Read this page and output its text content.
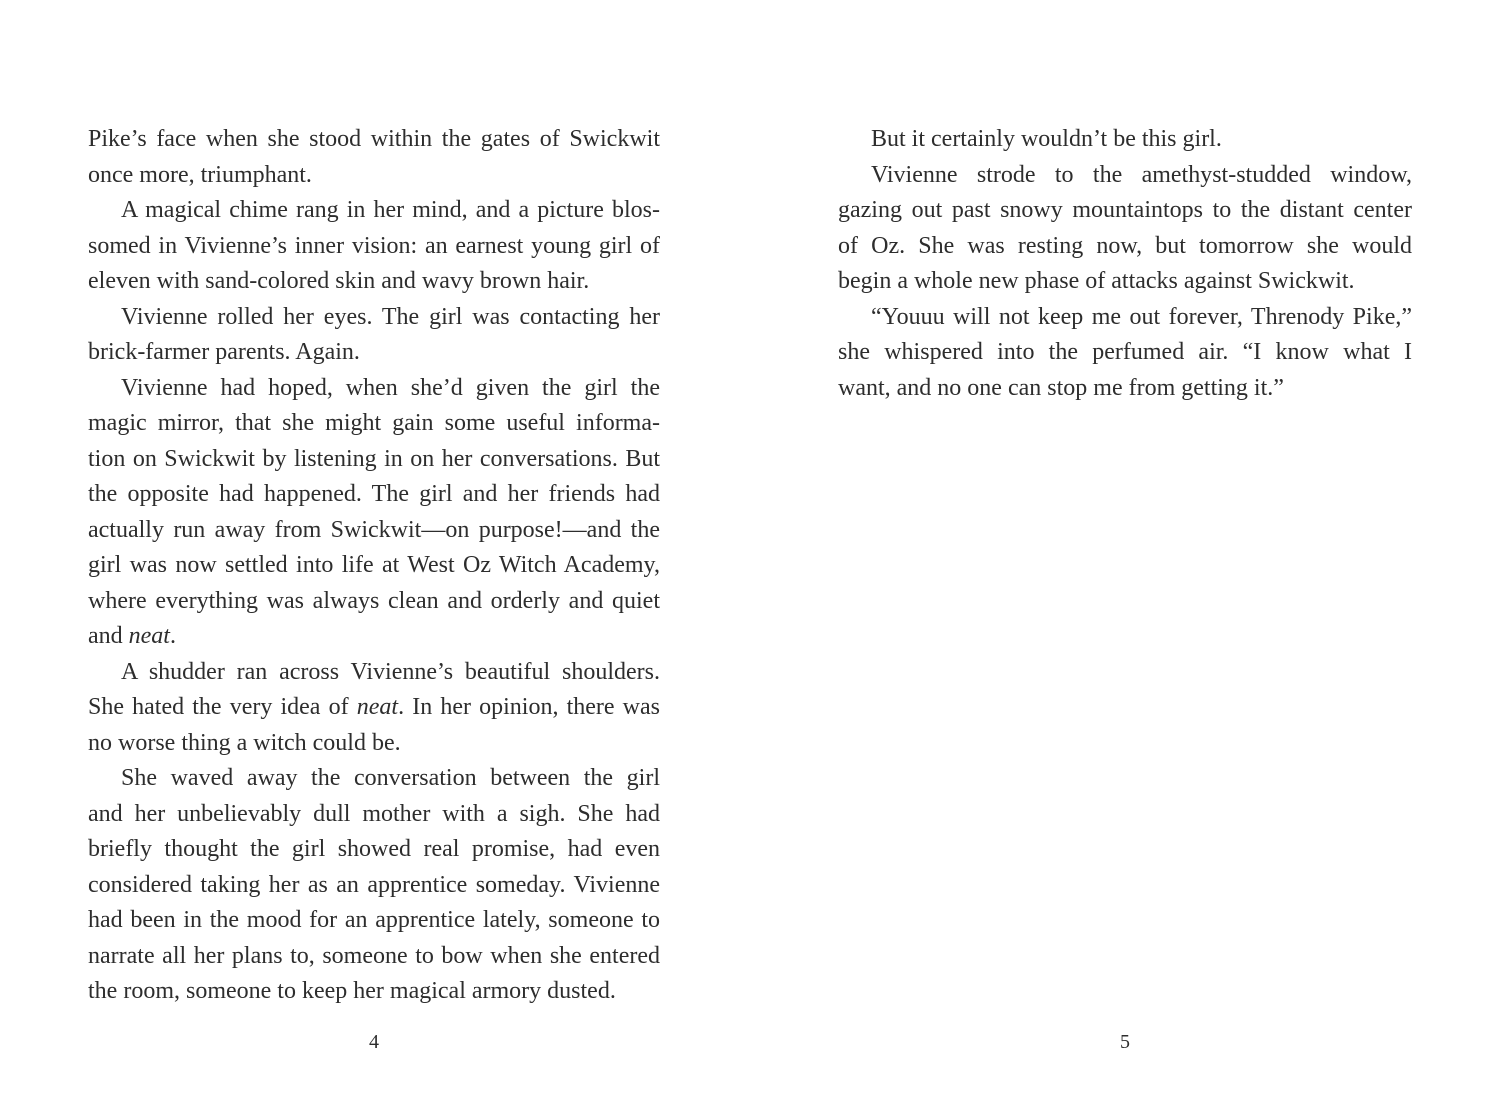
Pike’s face when she stood within the gates of Swickwit
once more, triumphant.
A magical chime rang in her mind, and a picture blos-
somed in Vivienne’s inner vision: an earnest young girl of
eleven with sand-colored skin and wavy brown hair.
Vivienne rolled her eyes. The girl was contacting her
brick-farmer parents. Again.
Vivienne had hoped, when she’d given the girl the
magic mirror, that she might gain some useful informa-
tion on Swickwit by listening in on her conversations. But
the opposite had happened. The girl and her friends had
actually run away from Swickwit—on purpose!—and the
girl was now settled into life at West Oz Witch Academy,
where everything was always clean and orderly and quiet
and neat.
A shudder ran across Vivienne’s beautiful shoulders.
She hated the very idea of neat. In her opinion, there was
no worse thing a witch could be.
She waved away the conversation between the girl
and her unbelievably dull mother with a sigh. She had
briefly thought the girl showed real promise, had even
considered taking her as an apprentice someday. Vivienne
had been in the mood for an apprentice lately, someone to
narrate all her plans to, someone to bow when she entered
the room, someone to keep her magical armory dusted.
But it certainly wouldn’t be this girl.
Vivienne strode to the amethyst-studded window,
gazing out past snowy mountaintops to the distant center
of Oz. She was resting now, but tomorrow she would
begin a whole new phase of attacks against Swickwit.
“Youuu will not keep me out forever, Threnody Pike,”
she whispered into the perfumed air. “I know what I
want, and no one can stop me from getting it.”
4	5
